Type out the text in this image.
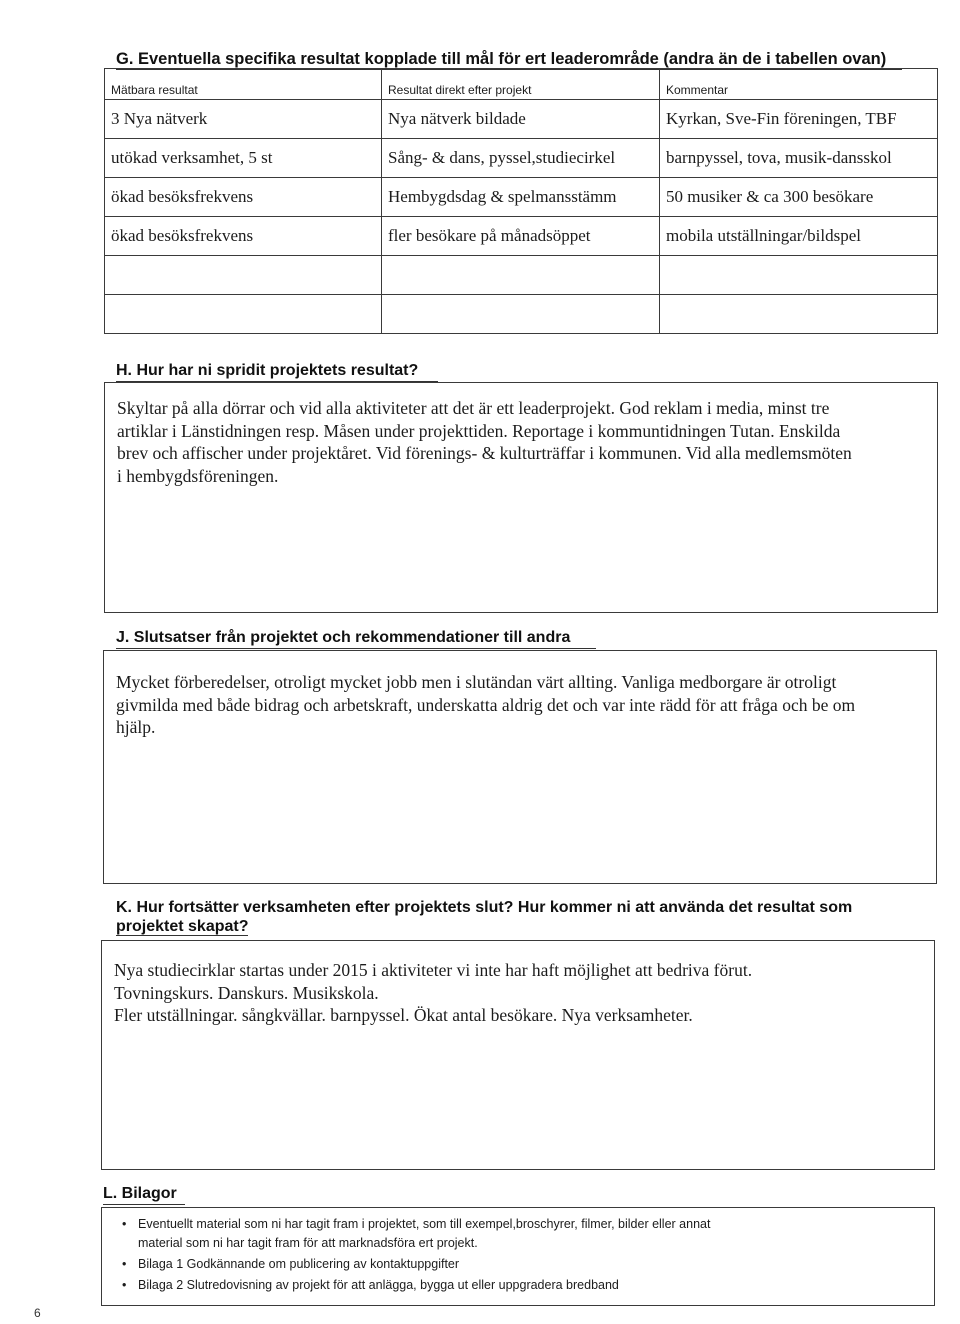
G. Eventuella specifika resultat kopplade till mål för ert leaderområde (andra än de i tabellen ovan)
Mätbara resultat	Resultat direkt efter projekt	Kommentar
3 Nya nätverk	Nya nätverk bildade	Kyrkan, Sve-Fin föreningen, TBF
utökad verksamhet, 5 st	Sång- & dans, pyssel,studiecirkel	barnpyssel, tova, musik-dansskol
ökad besöksfrekvens	Hembygdsdag & spelmansstämm	50 musiker & ca 300 besökare
ökad besöksfrekvens	fler besökare på månadsöppet	mobila utställningar/bildspel

H. Hur har ni spridit projektets resultat?

Skyltar på alla dörrar och vid alla aktiviteter att det är ett leaderprojekt. God reklam i media, minst tre

artiklar i Länstidningen resp. Måsen under projekttiden. Reportage i kommuntidningen Tutan. Enskilda

brev och affischer under projektåret. Vid förenings- & kulturträffar i kommunen. Vid alla medlemsmöten

i hembygdsföreningen.

J. Slutsatser från projektet och rekommendationer till andra

Mycket förberedelser, otroligt mycket jobb men i slutändan värt allting. Vanliga medborgare är otroligt

givmilda med både bidrag och arbetskraft, underskatta aldrig det och var inte rädd för att fråga och be om

hjälp.

K. Hur fortsätter verksamheten efter projektets slut? Hur kommer ni att använda det resultat som
projektet skapat?

Nya studiecirklar startas under 2015 i aktiviteter vi inte har haft möjlighet att bedriva förut.

Tovningskurs. Danskurs. Musikskola.

Fler utställningar. sångkvällar. barnpyssel. Ökat antal besökare. Nya verksamheter.

L. Bilagor
• Eventuellt material som ni har tagit fram i projektet, som till exempel,broschyrer, filmer, bilder eller annat
material som ni har tagit fram för att marknadsföra ert projekt.
• Bilaga 1 Godkännande om publicering av kontaktuppgifter
• Bilaga 2 Slutredovisning av projekt för att anlägga, bygga ut eller uppgradera bredband
6
